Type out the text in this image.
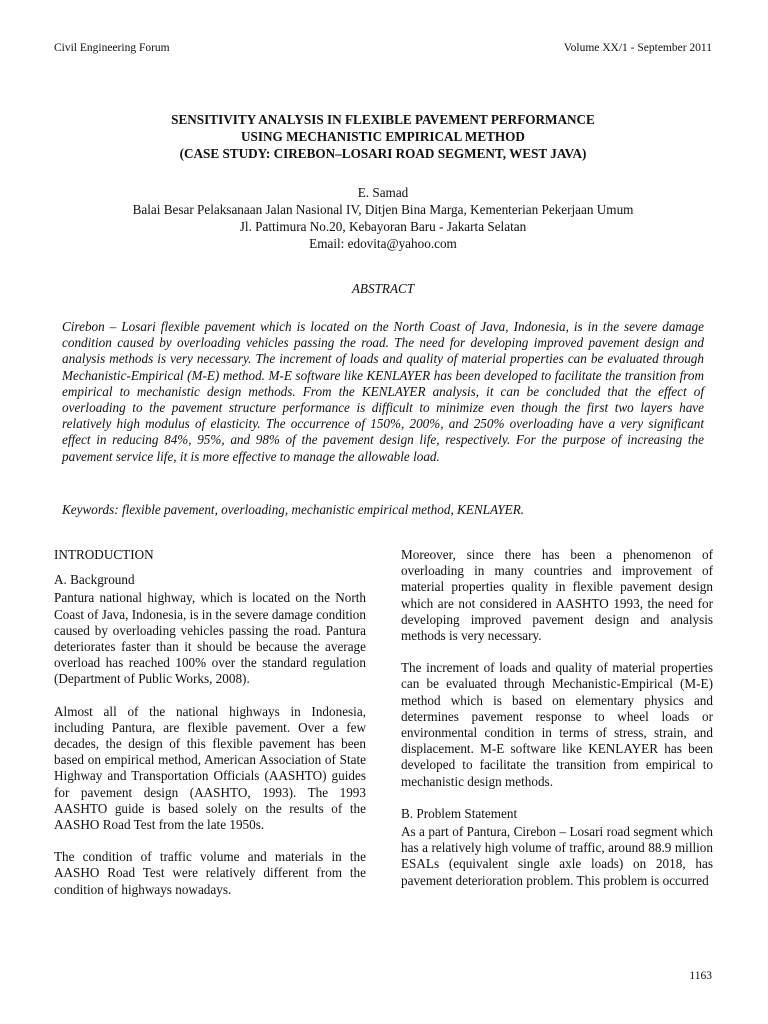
Civil Engineering Forum	Volume XX/1 - September 2011
SENSITIVITY ANALYSIS IN FLEXIBLE PAVEMENT PERFORMANCE
USING MECHANISTIC EMPIRICAL METHOD
(CASE STUDY: CIREBON–LOSARI ROAD SEGMENT, WEST JAVA)
E. Samad
Balai Besar Pelaksanaan Jalan Nasional IV, Ditjen Bina Marga, Kementerian Pekerjaan Umum
Jl. Pattimura No.20, Kebayoran Baru - Jakarta Selatan
Email: edovita@yahoo.com
ABSTRACT
Cirebon – Losari flexible pavement which is located on the North Coast of Java, Indonesia, is in the severe damage condition caused by overloading vehicles passing the road. The need for developing improved pavement design and analysis methods is very necessary. The increment of loads and quality of material properties can be evaluated through Mechanistic-Empirical (M-E) method. M-E software like KENLAYER has been developed to facilitate the transition from empirical to mechanistic design methods. From the KENLAYER analysis, it can be concluded that the effect of overloading to the pavement structure performance is difficult to minimize even though the first two layers have relatively high modulus of elasticity. The occurrence of 150%, 200%, and 250% overloading have a very significant effect in reducing 84%, 95%, and 98% of the pavement design life, respectively. For the purpose of increasing the pavement service life, it is more effective to manage the allowable load.
Keywords: flexible pavement, overloading, mechanistic empirical method, KENLAYER.
INTRODUCTION
A. Background

Pantura national highway, which is located on the North Coast of Java, Indonesia, is in the severe damage condition caused by overloading vehicles passing the road. Pantura deteriorates faster than it should be because the average overload has reached 100% over the standard regulation (Department of Public Works, 2008).

Almost all of the national highways in Indonesia, including Pantura, are flexible pavement. Over a few decades, the design of this flexible pavement has been based on empirical method, American Association of State Highway and Transportation Officials (AASHTO) guides for pavement design (AASHTO, 1993). The 1993 AASHTO guide is based solely on the results of the AASHO Road Test from the late 1950s.

The condition of traffic volume and materials in the AASHO Road Test were relatively different from the condition of highways nowadays.

Moreover, since there has been a phenomenon of overloading in many countries and improvement of material properties quality in flexible pavement design which are not considered in AASHTO 1993, the need for developing improved pavement design and analysis methods is very necessary.

The increment of loads and quality of material properties can be evaluated through Mechanistic-Empirical (M-E) method which is based on elementary physics and determines pavement response to wheel loads or environmental condition in terms of stress, strain, and displacement. M-E software like KENLAYER has been developed to facilitate the transition from empirical to mechanistic design methods.

B. Problem Statement

As a part of Pantura, Cirebon – Losari road segment which has a relatively high volume of traffic, around 88.9 million ESALs (equivalent single axle loads) on 2018, has pavement deterioration problem. This problem is occurred

1163
